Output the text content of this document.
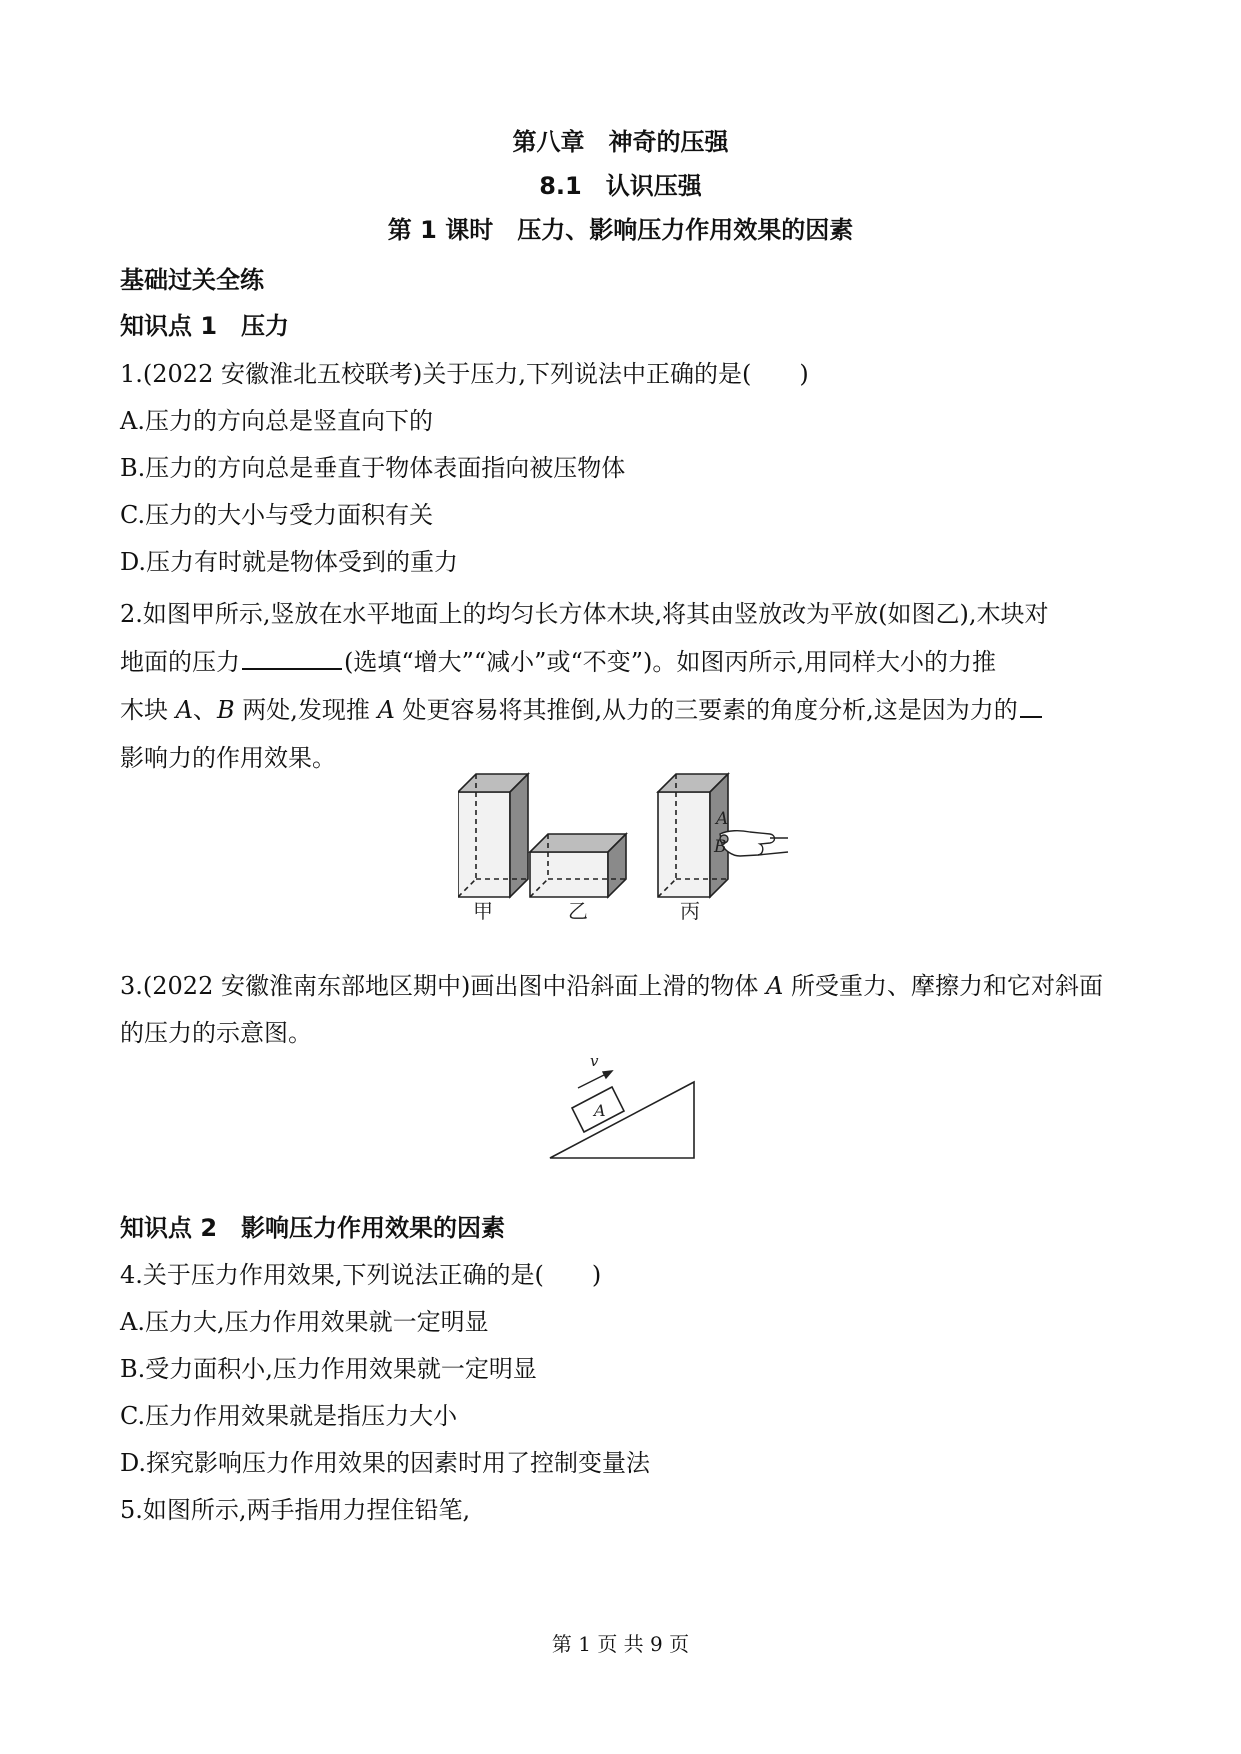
第八章　神奇的压强
8.1　认识压强
第 1 课时　压力、影响压力作用效果的因素
基础过关全练
知识点 1　压力
1.(2022 安徽淮北五校联考)关于压力,下列说法中正确的是(　　)
A.压力的方向总是竖直向下的
B.压力的方向总是垂直于物体表面指向被压物体
C.压力的大小与受力面积有关
D.压力有时就是物体受到的重力
2.如图甲所示,竖放在水平地面上的均匀长方体木块,将其由竖放改为平放(如图乙),木块对
地面的压力	(选填“增大”“减小”或“不变”)。如图丙所示,用同样大小的力推
木块 A、B 两处,发现推 A 处更容易将其推倒,从力的三要素的角度分析,这是因为力的
影响力的作用效果。
A
B
甲	乙	丙
3.(2022 安徽淮南东部地区期中)画出图中沿斜面上滑的物体 A 所受重力、摩擦力和它对斜面
的压力的示意图。
v
A
知识点 2　影响压力作用效果的因素
4.关于压力作用效果,下列说法正确的是(　　)
A.压力大,压力作用效果就一定明显
B.受力面积小,压力作用效果就一定明显
C.压力作用效果就是指压力大小
D.探究影响压力作用效果的因素时用了控制变量法
5.如图所示,两手指用力捏住铅笔,
第 1 页 共 9 页
